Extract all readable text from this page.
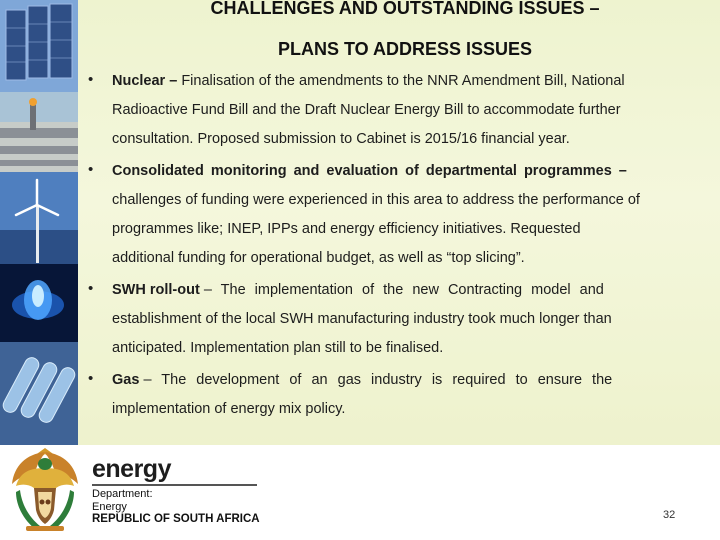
CHALLENGES AND OUTSTANDING ISSUES –
PLANS TO ADDRESS ISSUES
• Nuclear – Finalisation of the amendments to the NNR Amendment Bill, National
Radioactive Fund Bill and the Draft Nuclear Energy Bill to accommodate further
consultation. Proposed submission to Cabinet is 2015/16 financial year.
• Consolidated monitoring and evaluation of departmental programmes –
challenges of funding were experienced in this area to address the performance of
programmes like; INEP, IPPs and energy efficiency initiatives. Requested
additional funding for operational budget, as well as “top slicing”.
• SWH roll-out – The implementation of the new Contracting model and
establishment of the local SWH manufacturing industry took much longer than
anticipated. Implementation plan still to be finalised.
• Gas – The development of an gas industry is required to ensure the
implementation of energy mix policy.
energy
Department:
Energy
REPUBLIC OF SOUTH AFRICA	32
